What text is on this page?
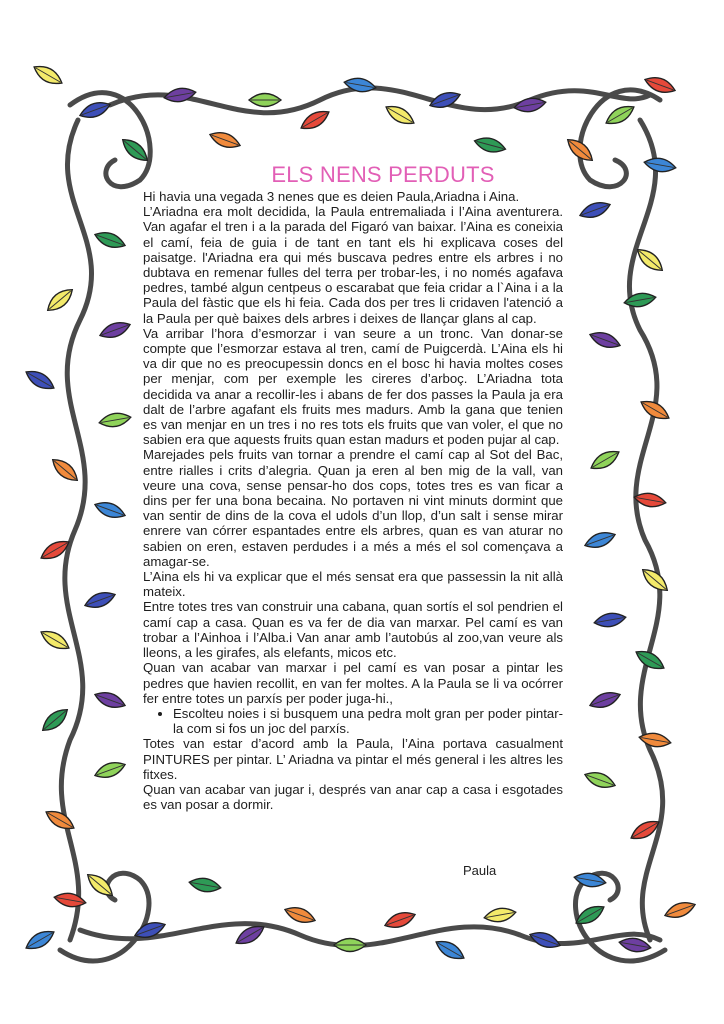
ELS NENS PERDUTS

Hi havia una vegada 3 nenes que es deien Paula,Ariadna i Aina.

L’Ariadna era molt decidida, la Paula entremaliada i l’Aina aventurera. Van agafar el tren i a la parada del Figaró van baixar. l’Aina es coneixia el camí, feia de guia i de tant en tant els hi explicava coses del paisatge. l'Ariadna era qui més buscava pedres entre els arbres i no dubtava en remenar fulles del terra per trobar-les, i no només agafava pedres, també algun centpeus o escarabat que feia cridar a l`Aina i a la Paula del fàstic que els hi feia. Cada dos per tres li cridaven l'atenció a la Paula per què baixes dels arbres i deixes de llançar glans al cap.

Va arribar l’hora d’esmorzar i van seure a un tronc. Van donar-se compte que l’esmorzar estava al tren, camí de Puigcerdà. L’Aina els hi va dir que no es preocupessin doncs en el bosc hi havia moltes coses per menjar, com per exemple les cireres d’arboç. L’Ariadna tota decidida va anar a recollir-les i abans de fer dos passes la Paula ja era dalt de l’arbre agafant els fruits mes madurs. Amb la gana que tenien es van menjar en un tres i no res tots els fruits que van voler, el que no sabien era que aquests fruits quan estan madurs et poden pujar al cap.

Marejades pels fruits van tornar a prendre el camí cap al Sot del Bac, entre rialles i crits d’alegria. Quan ja eren al ben mig de la vall, van veure una cova, sense pensar-ho dos cops, totes tres es van ficar a dins per fer una bona becaina. No portaven ni vint minuts dormint que van sentir de dins de la cova el udols d’un llop, d’un salt i sense mirar enrere van córrer espantades entre els arbres, quan es van aturar no sabien on eren, estaven perdudes i a més a més el sol començava a amagar-se.

L’Aina els hi va explicar que el més sensat era que passessin la nit allà mateix.

Entre totes tres van construir una cabana, quan sortís el sol pendrien el camí cap a casa. Quan es va fer de dia van marxar. Pel camí es van trobar a l’Ainhoa i l’Alba.i Van anar amb l’autobús al zoo,van veure als lleons, a les girafes, als elefants, micos etc.

Quan van acabar van marxar i pel camí es van posar a pintar les pedres que havien recollit, en van fer moltes. A la Paula se li va ocórrer fer entre totes un parxís per poder juga-hi.,

• Escolteu noies i si busquem una pedra molt gran per poder pintar-la com si fos un joc del parxís.

Totes van estar d’acord amb la Paula, l’Aina portava casualment PINTURES per pintar. L’ Ariadna va pintar el més general i les altres les fitxes.

Quan van acabar van jugar i, després van anar cap a casa i esgotades es van posar a dormir.

Paula
